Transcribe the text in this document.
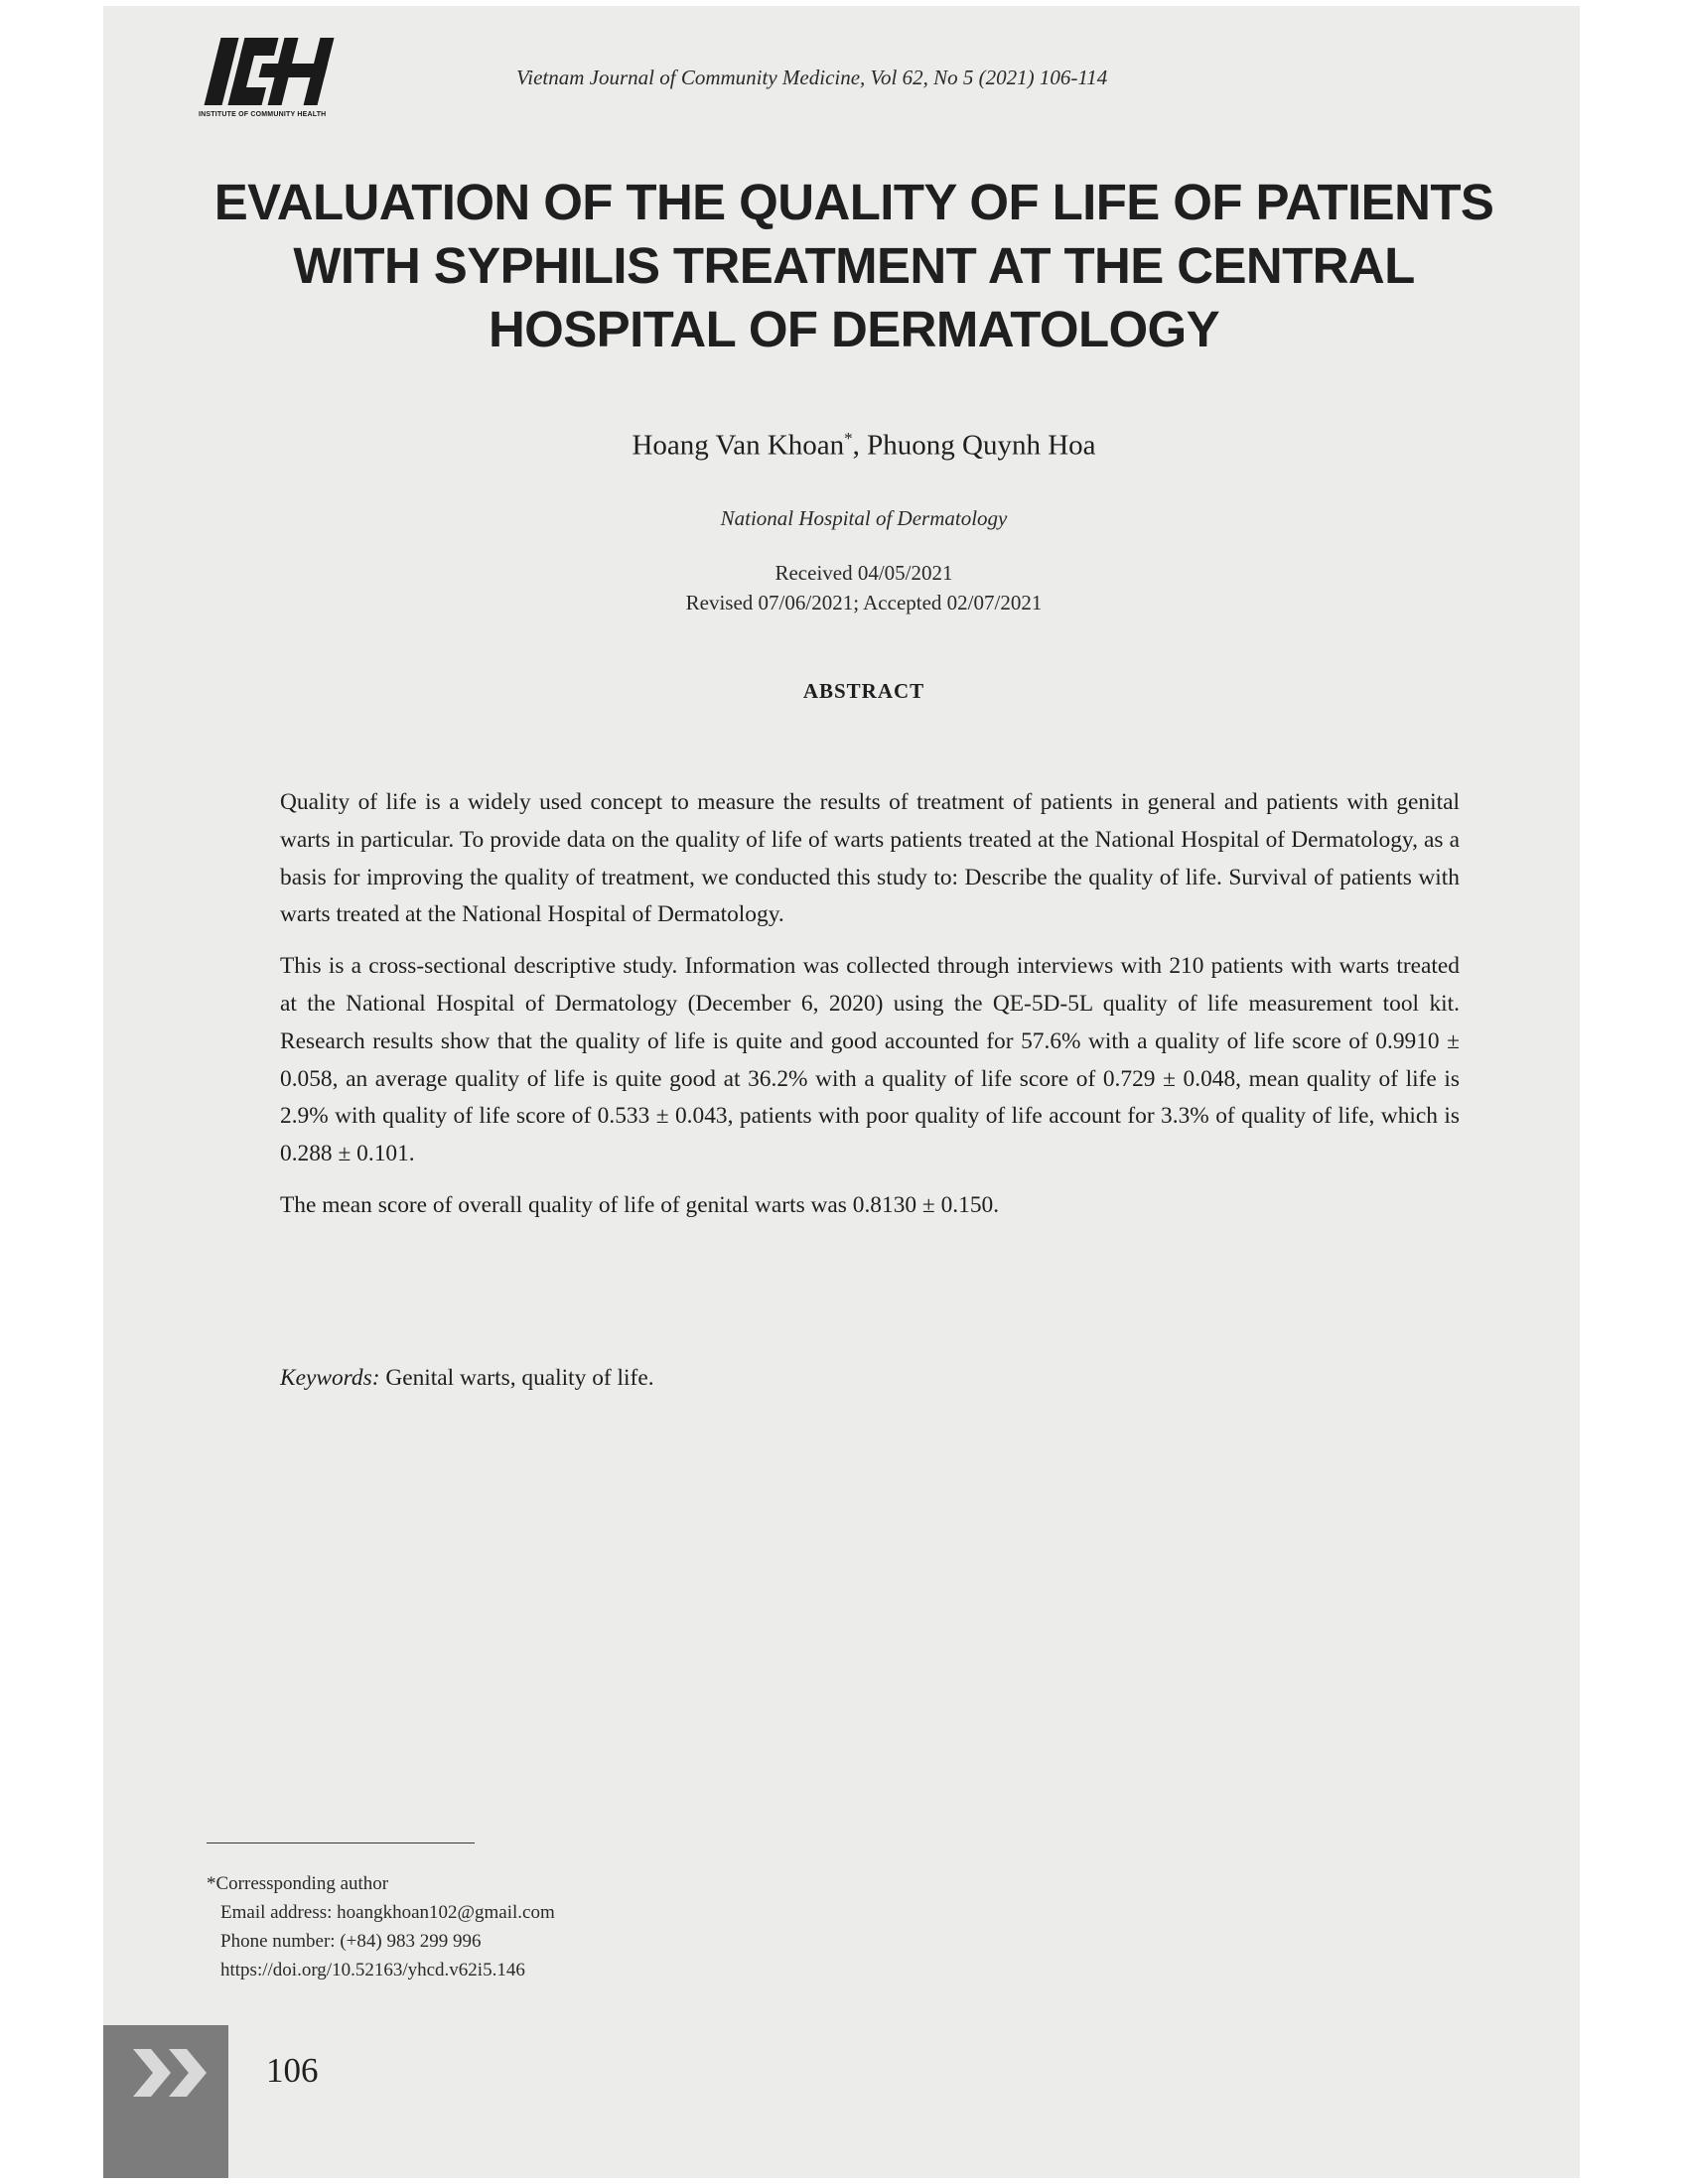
INSTITUTE OF COMMUNITY HEALTH
Vietnam Journal of Community Medicine, Vol 62, No 5 (2021) 106-114
EVALUATION OF THE QUALITY OF LIFE OF PATIENTS
WITH SYPHILIS TREATMENT AT THE CENTRAL
HOSPITAL OF DERMATOLOGY
Hoang Van Khoan*, Phuong Quynh Hoa
National Hospital of Dermatology
Received 04/05/2021
Revised 07/06/2021; Accepted 02/07/2021
ABSTRACT

Quality of life is a widely used concept to measure the results of treatment of patients in general and patients with genital warts in particular. To provide data on the quality of life of warts patients treated at the National Hospital of Dermatology, as a basis for improving the quality of treatment, we conducted this study to: Describe the quality of life. Survival of patients with warts treated at the National Hospital of Dermatology.

This is a cross-sectional descriptive study. Information was collected through interviews with 210 patients with warts treated at the National Hospital of Dermatology (December 6, 2020) using the QE-5D-5L quality of life measurement tool kit. Research results show that the quality of life is quite and good accounted for 57.6% with a quality of life score of 0.9910 ± 0.058, an average quality of life is quite good at 36.2% with a quality of life score of 0.729 ± 0.048, mean quality of life is 2.9% with quality of life score of 0.533 ± 0.043, patients with poor quality of life account for 3.3% of quality of life, which is 0.288 ± 0.101.

The mean score of overall quality of life of genital warts was 0.8130 ± 0.150.

Keywords: Genital warts, quality of life.
*Corressponding author
Email address: hoangkhoan102@gmail.com
Phone number: (+84) 983 299 996
https://doi.org/10.52163/yhcd.v62i5.146
106
